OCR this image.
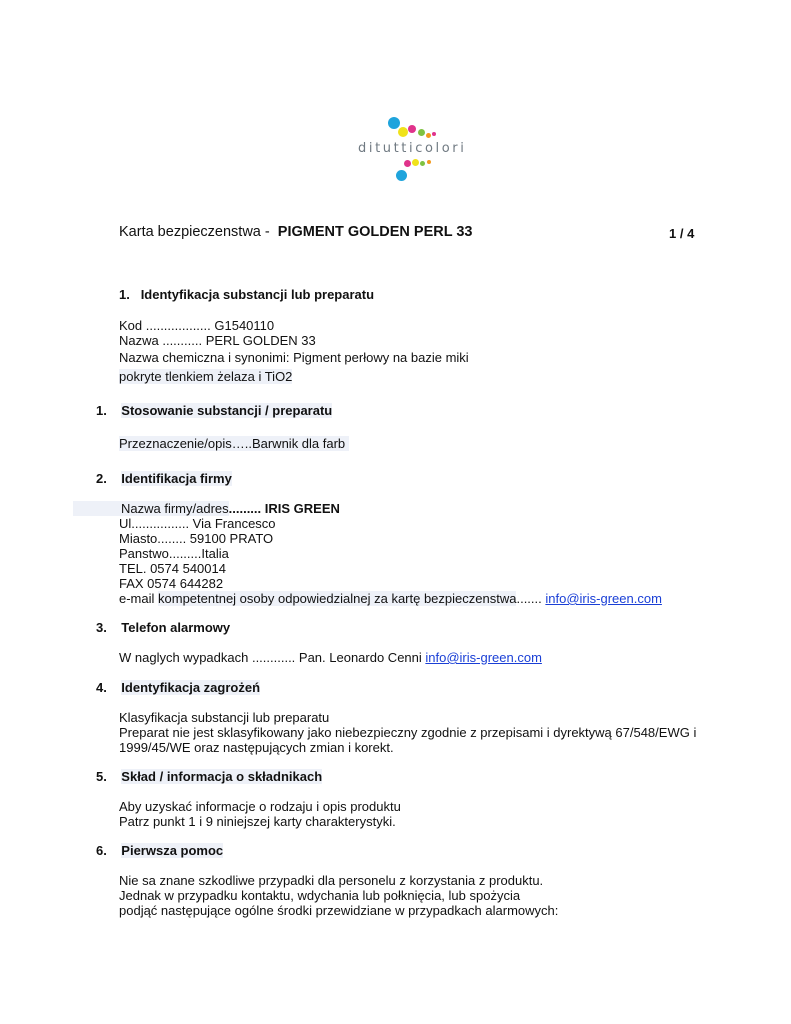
ditutticolori
Karta bezpieczenstwa - PIGMENT GOLDEN PERL 33	1 / 4
1. Identyfikacja substancji lub preparatu
Kod .................. G1540110
Nazwa ........... PERL GOLDEN 33
Nazwa chemiczna i synonimi: Pigment perłowy na bazie miki
pokryte tlenkiem żelaza i TiO2
1. Stosowanie substancji / preparatu
Przeznaczenie/opis…..Barwnik dla farb
2. Identifikacja firmy
Nazwa firmy/adres......... IRIS GREEN
Ul................ Via Francesco
Miasto........ 59100 PRATO
Panstwo.........Italia
TEL. 0574 540014
FAX 0574 644282
e-mail kompetentnej osoby odpowiedzialnej za kartę bezpieczenstwa....... info@iris-green.com
3. Telefon alarmowy
W naglych wypadkach ............ Pan. Leonardo Cenni info@iris-green.com
4. Identyfikacja zagrożeń
Klasyfikacja substancji lub preparatu
Preparat nie jest sklasyfikowany jako niebezpieczny zgodnie z przepisami i dyrektywą 67/548/EWG i
1999/45/WE oraz następujących zmian i korekt.
5. Skład / informacja o składnikach
Aby uzyskać informacje o rodzaju i opis produktu
Patrz punkt 1 i 9 niniejszej karty charakterystyki.
6. Pierwsza pomoc
Nie sa znane szkodliwe przypadki dla personelu z korzystania z produktu.
Jednak w przypadku kontaktu, wdychania lub połknięcia, lub spożycia
podjąć następujące ogólne środki przewidziane w przypadkach alarmowych:
